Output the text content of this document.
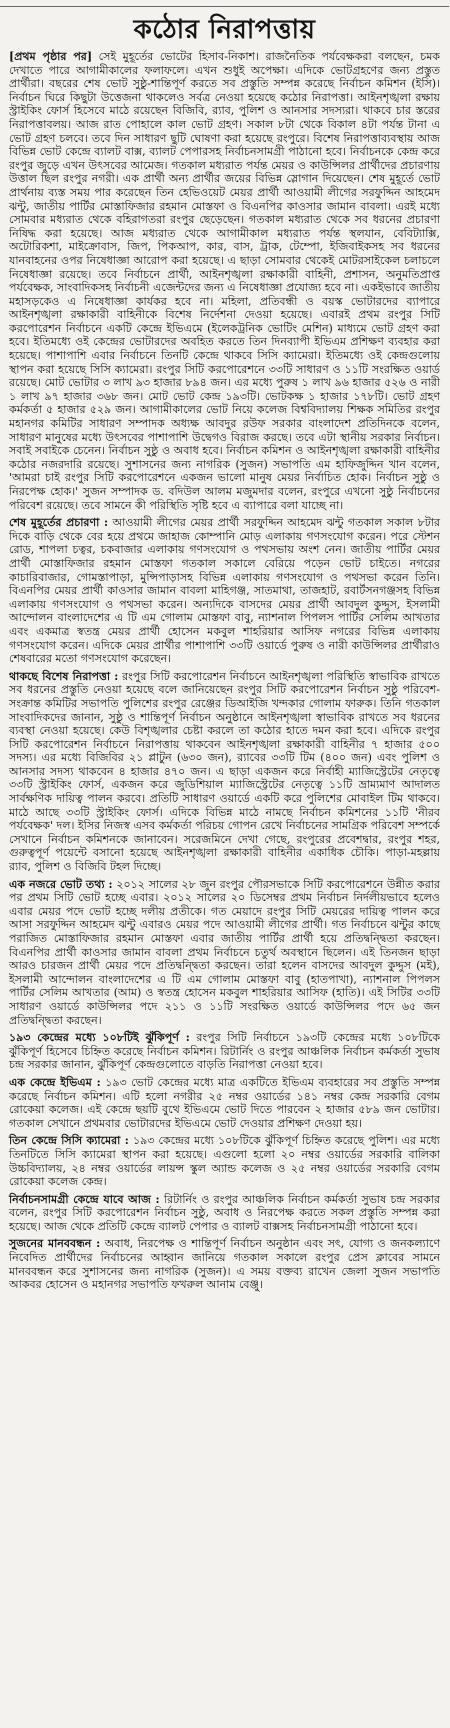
কঠোর নিরাপত্তায়

[প্রথম পৃষ্ঠার পর] সেই মুহূর্তের ভোটের হিসাব-নিকাশ। রাজনৈতিক পর্যবেক্ষকরা বলছেন, চমক দেখাতে পারে আগামীকালের ফলাফলে। এখন শুধুই অপেক্ষা। এদিকে ভোটগ্রহণের জন্য প্রস্তুত প্রার্থীরা। বছরের শেষ ভোট সুষ্ঠু-শান্তিপূর্ণ করতে সব প্রস্তুতি সম্পন্ন করেছে নির্বাচন কমিশন (ইসি)। নির্বাচন ঘিরে কিছুটা উত্তেজনা থাকলেও সর্বত্র নেওয়া হয়েছে কঠোর নিরাপত্তা। আইনশৃঙ্খলা রক্ষায় স্ট্রাইকিং ফোর্স হিসেবে মাঠে রয়েছেন বিজিবি, র‌্যাব, পুলিশ ও আনসার সদস্যরা। থাকবে চার স্তরের নিরাপত্তাবলয়। আজ রাত পোহালে কাল ভোট গ্রহণ। সকাল ৮টা থেকে বিকাল ৪টা পর্যন্ত টানা এ ভোট গ্রহণ চলবে। তবে দিন সাধারণ ছুটি ঘোষণা করা হয়েছে রংপুরে। বিশেষ নিরাপত্তাব্যবস্থায় আজ বিভিন্ন ভোট কেন্দ্রে ব্যালট বাক্স, ব্যালট পেপারসহ নির্বাচনসামগ্রী পাঠানো হবে। নির্বাচনকে কেন্দ্র করে রংপুর জুড়ে এখন উৎসবের আমেজ। গতকাল মধ্যরাত পর্যন্ত মেয়র ও কাউন্সিলর প্রার্থীদের প্রচারণায় উত্তাল ছিল রংপুর নগরী। এক প্রার্থী অন্য প্রার্থীর জয়ের বিভিন্ন স্লোগান দিয়েছেন। শেষ মুহূর্তে ভোট প্রার্থনায় ব্যস্ত সময় পার করেছেন তিন হেভিওয়েট মেয়র প্রার্থী আওয়ামী লীগের সরফুদ্দিন আহমেদ ঝন্টু, জাতীয় পার্টির মোস্তাফিজার রহমান মোস্তফা ও বিএনপির কাওসার জামান বাবলা। এরই মধ্যে সোমবার মধ্যরাত থেকে বহিরাগতরা রংপুর ছেড়েছেন। গতকাল মধ্যরাত থেকে সব ধরনের প্রচারণা নিষিদ্ধ করা হয়েছে। আজ মধ্যরাত থেকে আগামীকাল মধ্যরাত পর্যন্ত স্থলযান, বেবিট্যাক্সি, অটোরিকশা, মাইক্রোবাস, জিপ, পিকআপ, কার, বাস, ট্রাক, টেম্পো, ইজিবাইকসহ সব ধরনের যানবাহনের ওপর নিষেধাজ্ঞা আরোপ করা হয়েছে। এ ছাড়া সোমবার থেকেই মোটরসাইকেল চলাচলে নিষেধাজ্ঞা রয়েছে। তবে নির্বাচনে প্রার্থী, আইনশৃঙ্খলা রক্ষাকারী বাহিনী, প্রশাসন, অনুমতিপ্রাপ্ত পর্যবেক্ষক, সাংবাদিকসহ নির্বাচনী এজেন্টদের জন্য এ নিষেধাজ্ঞা প্রযোজ্য হবে না। একইভাবে জাতীয় মহাসড়কেও এ নিষেধাজ্ঞা কার্যকর হবে না। মহিলা, প্রতিবন্ধী ও বয়স্ক ভোটারদের ব্যাপারে আইনশৃঙ্খলা রক্ষাকারী বাহিনীকে বিশেষ নির্দেশনা দেওয়া হয়েছে। এবারই প্রথম রংপুর সিটি করপোরেশন নির্বাচনে একটি কেন্দ্রে ইভিএমে (ইলেকট্রনিক ভোটিং মেশিন) মাধ্যমে ভোট গ্রহণ করা হবে। ইতিমধ্যে ওই কেন্দ্রের ভোটারদের অবহিত করতে তিন দিনব্যাপী ইভিএম প্রশিক্ষণ ব্যবহার করা হয়েছে। পাশাপাশি এবার নির্বাচনে তিনটি কেন্দ্রে থাকবে সিসি ক্যামেরা। ইতিমধ্যে ওই কেন্দ্রগুলোয় স্থাপন করা হয়েছে সিসি ক্যামেরা। রংপুর সিটি করপোরেশনে ৩৩টি সাধারণ ও ১১টি সংরক্ষিত ওয়ার্ড রয়েছে। মোট ভোটার ৩ লাখ ৯৩ হাজার ৮৯৪ জন। এর মধ্যে পুরুষ ১ লাখ ৯৬ হাজার ৫২৬ ও নারী ১ লাখ ৯৭ হাজার ৩৬৮ জন। মোট ভোট কেন্দ্র ১৯৩টি। ভোটকক্ষ ১ হাজার ১৭৮টি। ভোট গ্রহণ কর্মকর্তা ৫ হাজার ৫২৯ জন। আগামীকালের ভোট নিয়ে কলেজ বিশ্ববিদ্যালয় শিক্ষক সমিতির রংপুর মহানগর কমিটির সাধারণ সম্পাদক অধ্যক্ষ আবদুর রউফ সরকার বাংলাদেশ প্রতিদিনকে বলেন, সাধারণ মানুষের মধ্যে উৎসবের পাশাপাশি উদ্বেগও বিরাজ করছে। তবে এটা স্থানীয় সরকার নির্বাচন। সবাই সবাইকে চেনেন। নির্বাচন সুষ্ঠু ও অবাধ হবে। নির্বাচন কমিশন ও আইনশৃঙ্খলা রক্ষাকারী বাহিনীর কঠোর নজরদারি রয়েছে। সুশাসনের জন্য নাগরিক (সুজন) সভাপতি এম হাফিজুদ্দিন খান বলেন, 'আমরা চাই রংপুর সিটি করপোরেশনে একজন ভালো মানুষ মেয়র নির্বাচিত হোক। নির্বাচন সুষ্ঠু ও নিরপেক্ষ হোক।' সুজন সম্পাদক ড. বদিউল আলম মজুমদার বলেন, রংপুরে এখনো সুষ্ঠু নির্বাচনের পরিবেশ রয়েছে। তবে সামনে কী পরিস্থিতি সৃষ্টি হবে এ ব্যাপারে বলা যাচ্ছে না।

শেষ মুহূর্তের প্রচারণা : আওয়ামী লীগের মেয়র প্রার্থী সরফুদ্দিন আহমেদ ঝন্টু গতকাল সকাল ৮টার দিকে বাড়ি থেকে বের হয়ে প্রথমে জাহাজ কোম্পানি মোড় এলাকায় গণসংযোগ করেন। পরে স্টেশন রোড, শাপলা চত্বর, চকবাজার এলাকায় গণসংযোগ ও পথসভায় অংশ নেন। জাতীয় পার্টির মেয়র প্রার্থী মোস্তাফিজার রহমান মোস্তফা গতকাল সকালে বেরিয়ে পড়েন ভোট চাইতে। নগরের কাচারিবাজার, গোমস্তাপাড়া, মুন্সিপাড়াসহ বিভিন্ন এলাকায় গণসংযোগ ও পথসভা করেন তিনি। বিএনপির মেয়র প্রার্থী কাওসার জামান বাবলা মাহিগঞ্জ, সাতমাথা, তাজহাট, রবার্টসনগঞ্জসহ বিভিন্ন এলাকায় গণসংযোগ ও পথসভা করেন। অন্যদিকে বাসদের মেয়র প্রার্থী আবদুল কুদ্দুস, ইসলামী আন্দোলন বাংলাদেশের এ টি এম গোলাম মোস্তফা বাবু, ন্যাশনাল পিপলস পার্টির সেলিম আখতার এবং একমাত্র স্বতন্ত্র মেয়র প্রার্থী হোসেন মকবুল শাহরিয়ার আসিফ নগরের বিভিন্ন এলাকায় গণসংযোগ করেন। এদিকে মেয়র প্রার্থীর পাশাপাশি ৩৩টি ওয়ার্ডে পুরুষ ও নারী কাউন্সিলর প্রার্থীরাও শেষবারের মতো গণসংযোগ করেছেন।

থাকছে বিশেষ নিরাপত্তা : রংপুর সিটি করপোরেশন নির্বাচনে আইনশৃঙ্খলা পরিস্থিতি স্বাভাবিক রাখতে সব ধরনের প্রস্তুতি নেওয়া হয়েছে বলে জানিয়েছেন রংপুর সিটি করপোরেশন নির্বাচন সুষ্ঠু পরিবেশ-সংক্রান্ত কমিটির সভাপতি পুলিশের রংপুর রেঞ্জের ডিআইজি খন্দকার গোলাম ফারুক। তিনি গতকাল সাংবাদিকদের জানান, সুষ্ঠু ও শান্তিপূর্ণ নির্বাচন অনুষ্ঠানে আইনশৃঙ্খলা স্বাভাবিক রাখতে সব ধরনের ব্যবস্থা নেওয়া হয়েছে। কেউ বিশৃঙ্খলার চেষ্টা করলে তা কঠোর হাতে দমন করা হবে। এদিকে রংপুর সিটি করপোরেশন নির্বাচনে নিরাপত্তায় থাকবেন আইনশৃঙ্খলা রক্ষাকারী বাহিনীর ৭ হাজার ৫০০ সদস্য। এর মধ্যে বিজিবির ২১ প্লাটুন (৬৩০ জন), র‌্যাবের ৩৩টি টিম (৪০০ জন) এবং পুলিশ ও আনসার সদস্য থাকবেন ৪ হাজার ৪৭০ জন। এ ছাড়া একজন করে নির্বাহী ম্যাজিস্ট্রেটের নেতৃত্বে ৩৩টি স্ট্রাইকিং ফোর্স, একজন করে জুডিশিয়াল ম্যাজিস্ট্রেটের নেতৃত্বে ১১টি ভ্রাম্যমাণ আদালত সার্বক্ষণিক দায়িত্ব পালন করবে। প্রতিটি সাধারণ ওয়ার্ডে একটি করে পুলিশের মোবাইল টিম থাকবে। মাঠে আছে ৩৩টি স্ট্রাইকিং ফোর্স। এদিকে বিভিন্ন মাঠে নামছে নির্বাচন কমিশনের ১১টি 'নীরব পর্যবেক্ষক' দল। ইসির নিজস্ব এসব কর্মকর্তা পরিচয় গোপন রেখে নির্বাচনের সামগ্রিক পরিবেশ সম্পর্কে সেখানে নির্বাচন কমিশনকে জানাবেন। সরেজমিনে দেখা গেছে, রংপুরের প্রবেশদ্বার, রংপুর শহর, গুরুত্বপূর্ণ পয়েন্টে বসানো হয়েছে আইনশৃঙ্খলা রক্ষাকারী বাহিনীর একাধিক চৌকি। পাড়া-মহল্লায় র‌্যাব, পুলিশ ও বিজিবি টহল দিচ্ছে।

এক নজরে ভোট তথ্য : ২০১২ সালের ২৮ জুন রংপুর পৌরসভাকে সিটি করপোরেশনে উন্নীত করার পর প্রথম সিটি ভোট হচ্ছে এবার। ২০১২ সালের ২০ ডিসেম্বর প্রথম নির্বাচন নির্দলীয়ভাবে হলেও এবার মেয়র পদে ভোট হচ্ছে দলীয় প্রতীকে। গত মেয়াদে রংপুর সিটি মেয়রের দায়িত্ব পালন করে আসা সরফুদ্দিন আহমেদ ঝন্টু এবারও মেয়র পদে আওয়ামী লীগের প্রার্থী। গত নির্বাচনে ঝন্টুর কাছে পরাজিত মোস্তাফিজার রহমান মোস্তফা এবার জাতীয় পার্টির প্রার্থী হয়ে প্রতিদ্বন্দ্বিতা করছেন। বিএনপির প্রার্থী কাওসার জামান বাবলা প্রথম নির্বাচনে চতুর্থ অবস্থানে ছিলেন। এই তিনজন ছাড়া আরও চারজন প্রার্থী মেয়র পদে প্রতিদ্বন্দ্বিতা করছেন। তারা হলেন বাসদের আবদুল কুদ্দুস (মই), ইসলামী আন্দোলন বাংলাদেশের এ টি এম গোলাম মোস্তফা বাবু (হাতপাখা), ন্যাশনাল পিপলস পার্টির সেলিম আখতার (আম) ও স্বতন্ত্র হোসেন মকবুল শাহরিয়ার আসিফ (হাতি)। এই সিটির ৩৩টি সাধারণ ওয়ার্ডে কাউন্সিলর পদে ২১১ ও ১১টি সংরক্ষিত ওয়ার্ডে কাউন্সিলর পদে ৬৫ জন প্রতিদ্বন্দ্বিতা করছেন।

১৯৩ কেন্দ্রের মধ্যে ১০৮টিই ঝুঁকিপূর্ণ : রংপুর সিটি নির্বাচনে ১৯৩টি কেন্দ্রের মধ্যে ১০৮টিকে ঝুঁকিপূর্ণ হিসেবে চিহ্নিত করেছে নির্বাচন কমিশন। রিটার্নিং ও রংপুর আঞ্চলিক নির্বাচন কর্মকর্তা সুভাষ চন্দ্র সরকার জানান, ঝুঁকিপূর্ণ কেন্দ্রগুলোতে বাড়তি নিরাপত্তা নেওয়া হবে।

এক কেন্দ্রে ইভিএম : ১৯৩ ভোট কেন্দ্রের মধ্যে মাত্র একটিতে ইভিএম ব্যবহারের সব প্রস্তুতি সম্পন্ন করেছে নির্বাচন কমিশন। এটি হলো নগরীর ২৫ নম্বর ওয়ার্ডের ১৪১ নম্বর কেন্দ্র সরকারি বেগম রোকেয়া কলেজ। এই কেন্দ্রে ছয়টি বুথে ইভিএমে ভোট দিতে পারবেন ২ হাজার ৫৮৯ জন ভোটার। গতকাল সেখানে প্রথমবার ভোটারদের ইভিএমে ভোট দেওয়ার প্রশিক্ষণ দেওয়া হয়।

তিন কেন্দ্রে সিসি ক্যামেরা : ১৯৩ কেন্দ্রের মধ্যে ১০৮টিকে ঝুঁকিপূর্ণ চিহ্নিত করেছে পুলিশ। এর মধ্যে তিনটিতে সিসি ক্যামেরা স্থাপন করা হয়েছে। এগুলো হলো ২০ নম্বর ওয়ার্ডের সরকারি বালিকা উচ্চবিদ্যালয়, ২৪ নম্বর ওয়ার্ডের লায়ন্স স্কুল অ্যান্ড কলেজ ও ২৫ নম্বর ওয়ার্ডের সরকারি বেগম রোকেয়া কলেজ কেন্দ্র।

নির্বাচনসামগ্রী কেন্দ্রে যাবে আজ : রিটার্নিং ও রংপুর আঞ্চলিক নির্বাচন কর্মকর্তা সুভাষ চন্দ্র সরকার বলেন, রংপুর সিটি করপোরেশন নির্বাচন সুষ্ঠু, অবাধ ও নিরপেক্ষ করতে সকল প্রস্তুতি সম্পন্ন করা হয়েছে। আজ থেকে প্রতিটি কেন্দ্রে ব্যালট পেপার ও ব্যালট বাক্সসহ নির্বাচনসামগ্রী পাঠানো হবে।

সুজনের মানববন্ধন : অবাধ, নিরপেক্ষ ও শান্তিপূর্ণ নির্বাচন অনুষ্ঠান এবং সৎ, যোগ্য ও জনকল্যাণে নিবেদিত প্রার্থীদের নির্বাচনের আহ্বান জানিয়ে গতকাল সকালে রংপুর প্রেস ক্লাবের সামনে মানববন্ধন করে সুশাসনের জন্য নাগরিক (সুজন)। এ সময় বক্তব্য রাখেন জেলা সুজন সভাপতি আকবর হোসেন ও মহানগর সভাপতি ফখরুল আনাম বেঞ্জু।
